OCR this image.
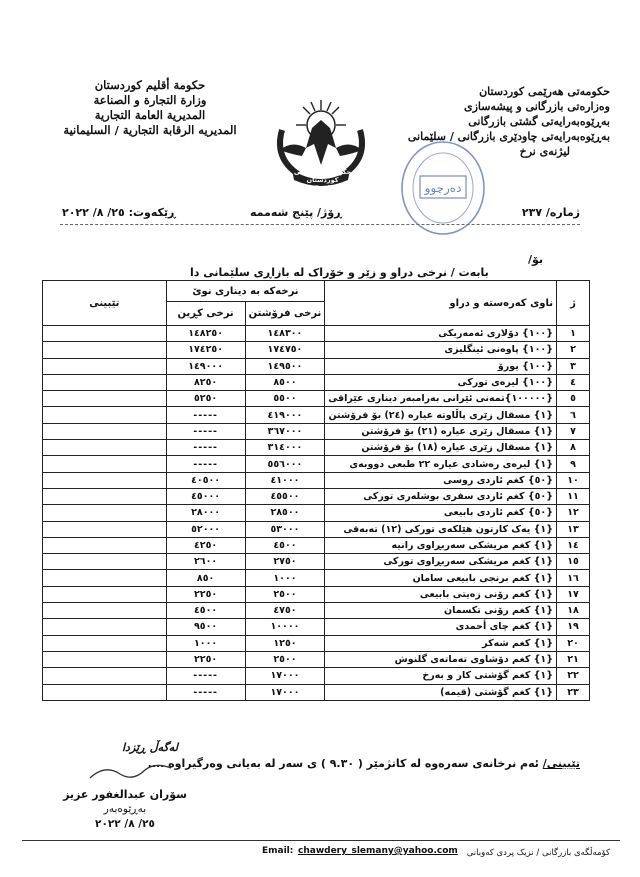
حکومەتی هەرێمی کوردستان
وەزارەتی بازرگانی و پیشەسازی
بەڕێوەبەرایەتی گشتی بازرگانی
بەڕێوەبەرایەتی چاودێری بازرگانی / سلێمانی
لیژنەی نرخ
حكومة أقليم كوردستان
وزارة التجارة و الصناعة
المديرية العامة التجارية
المديريه الرقابة التجارية / السليمانية
حکومەتی هەرێمی کوردستان
حكومة اقليم كوردستان	دەرچوو
ژمارە/ ٢٣٧
ڕۆژ/ پێنج شەممە
ڕێکەوت: ٢٥/ ٨/ ٢٠٢٢
بۆ/
بابەت / نرخی دراو و زێر و خۆراک لە بازاڕی سلێمانی دا
ژ	ناوی کەرەستە و دراو	نرخەکە بە دیناری نوێ		تێبینی
		نرخی فرۆشتن	نرخی کڕین	
١	{١٠٠} دۆلاری ئەمەریکی	١٤٨٣٠٠	١٤٨٢٥٠	
٢	{١٠٠} پاوەنی ئینگلیزی	١٧٤٧٥٠	١٧٤٢٥٠	
٣	{١٠٠} یورۆ	١٤٩٥٠٠	١٤٩٠٠٠	
٤	{١٠٠} لیرەی تورکی	٨٥٠٠	٨٢٥٠	
٥	{١٠٠٠٠٠}تمەنی ئێرانی بەرامبەر دیناری عێراقی	٥٥٠٠	٥٢٥٠	
٦	{١} مسقال زێری پاڵاوتە عیارە (٢٤) بۆ فرۆشتن	٤١٩٠٠٠	-----	
٧	{١} مسقال زێری عیارە (٢١) بۆ فرۆشتن	٣٦٧٠٠٠	-----	
٨	{١} مسقال زێری عیارە (١٨) بۆ فرۆشتن	٣١٤٠٠٠	-----	
٩	{١} لیرەی رەشادی عیارە ٢٢ طبعی دووبەی	٥٥٦٠٠٠	-----	
١٠	{٥٠} کغم ئاردی روسی	٤١٠٠٠	٤٠٥٠٠	
١١	{٥٠} کغم ئاردی سفری بوشلەری تورکی	٤٥٥٠٠	٤٥٠٠٠	
١٢	{٥٠} کغم ئاردی بابیعی	٢٨٥٠٠	٢٨٠٠٠	
١٣	{١} یەک کارتون هێلکەی تورکی (١٢) تەبەقی	٥٣٠٠٠	٥٢٠٠٠	
١٤	{١} کغم مریشکی سەربڕاوی رانیە	٤٥٠٠	٤٢٥٠	
١٥	{١} کغم مریشکی سەربڕاوی تورکی	٢٧٥٠	٢٦٠٠	
١٦	{١} کغم برنجی بابیعی سامان	١٠٠٠	٨٥٠	
١٧	{١} کغم رۆنی زەیتی بابیعی	٢٥٠٠	٢٢٥٠	
١٨	{١} کغم رۆنی تکسمان	٤٧٥٠	٤٥٠٠	
١٩	{١} کغم چای أحمدی	١٠٠٠٠	٩٥٠٠	
٢٠	{١} کغم شەکر	١٢٥٠	١٠٠٠	
٢١	{١} کغم دۆشاوی تەماتەی گلنوش	٢٥٠٠	٢٢٥٠	
٢٢	{١} کغم گۆشتی کار و بەرخ	١٧٠٠٠	-----	
٢٣	{١} کغم گۆشتی (قیمە)	١٧٠٠٠	-----	
لەگەڵ ڕێزدا
تێبینی/ ئەم نرخانەی سەرەوە لە کاتژمێر ( ٩.٣٠ ) ی سەر لە بەیانی وەرگیراوە ....
سۆران عبدالغفور عزیز
بەڕێوەبەر
٢٥/ ٨/ ٢٠٢٢
Email: chawdery_slemany@yahoo.com کۆمەڵگەی بازرگانی / نزیک پردی کەوبانی
